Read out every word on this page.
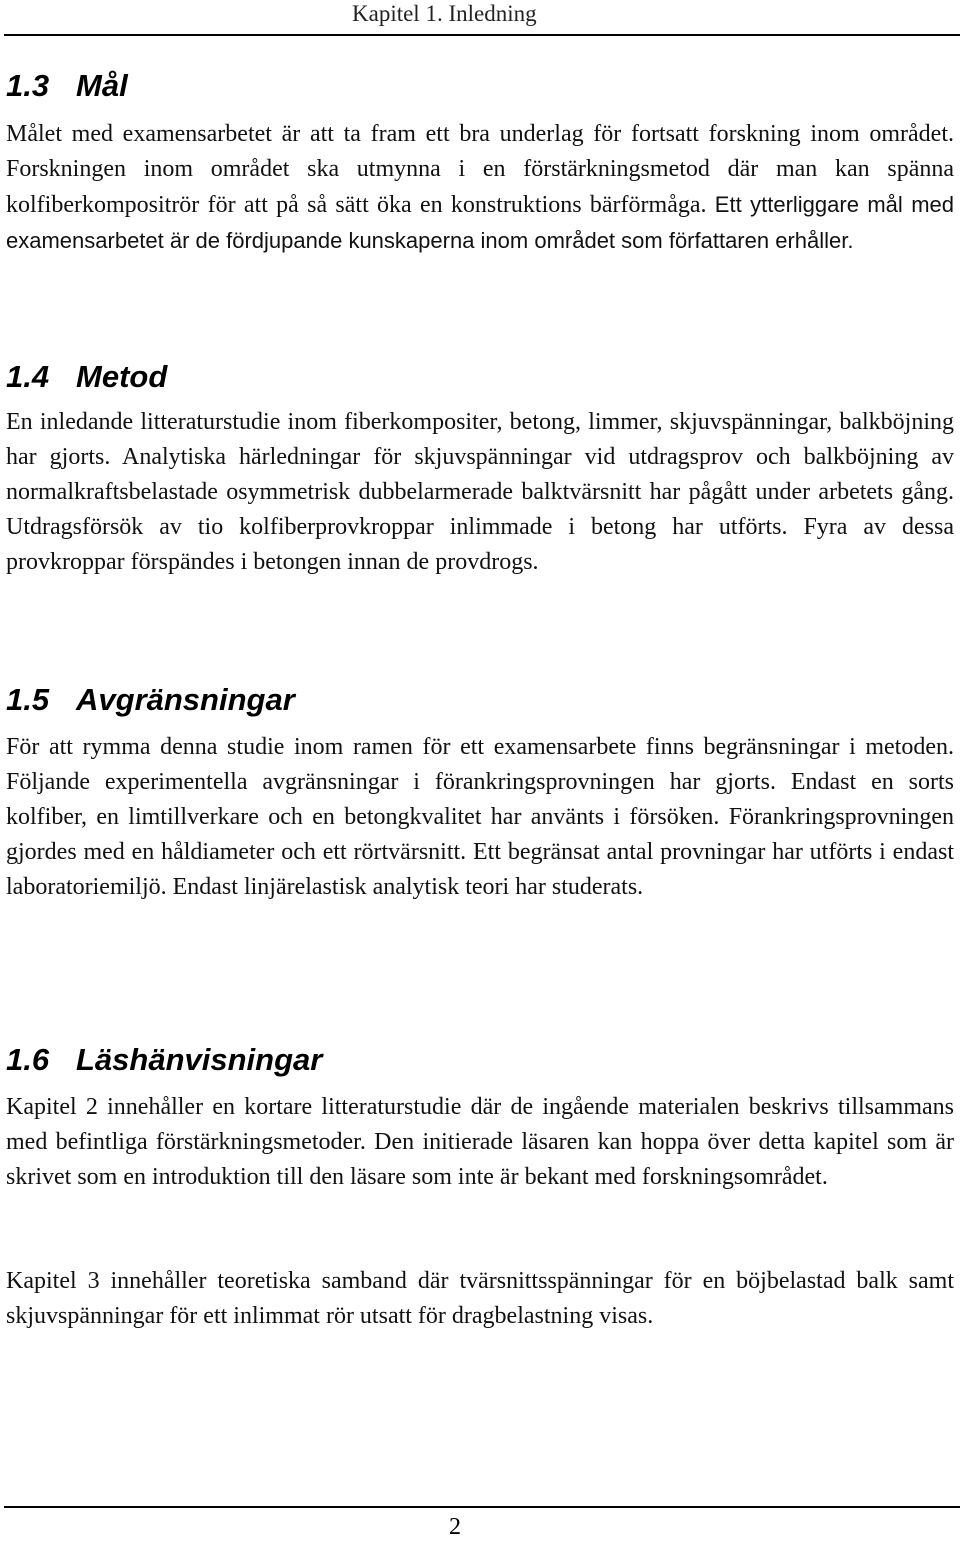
Kapitel 1. Inledning
1.3 Mål

Målet med examensarbetet är att ta fram ett bra underlag för fortsatt forskning inom området. Forskningen inom området ska utmynna i en förstärkningsmetod där man kan spänna kolfiberkompositrör för att på så sätt öka en konstruktions bärförmåga. Ett ytterliggare mål med examensarbetet är de fördjupande kunskaperna inom området som författaren erhåller.

1.4 Metod

En inledande litteraturstudie inom fiberkompositer, betong, limmer, skjuvspänningar, balkböjning har gjorts. Analytiska härledningar för skjuvspänningar vid utdragsprov och balkböjning av normalkraftsbelastade osymmetrisk dubbelarmerade balktvärsnitt har pågått under arbetets gång. Utdragsförsök av tio kolfiberprovkroppar inlimmade i betong har utförts. Fyra av dessa provkroppar förspändes i betongen innan de provdrogs.

1.5 Avgränsningar

För att rymma denna studie inom ramen för ett examensarbete finns begränsningar i metoden. Följande experimentella avgränsningar i förankringsprovningen har gjorts. Endast en sorts kolfiber, en limtillverkare och en betongkvalitet har använts i försöken. Förankringsprovningen gjordes med en håldiameter och ett rörtvärsnitt. Ett begränsat antal provningar har utförts i endast laboratoriemiljö. Endast linjärelastisk analytisk teori har studerats.

1.6 Läshänvisningar

Kapitel 2 innehåller en kortare litteraturstudie där de ingående materialen beskrivs tillsammans med befintliga förstärkningsmetoder. Den initierade läsaren kan hoppa över detta kapitel som är skrivet som en introduktion till den läsare som inte är bekant med forskningsområdet.

Kapitel 3 innehåller teoretiska samband där tvärsnittsspänningar för en böjbelastad balk samt skjuvspänningar för ett inlimmat rör utsatt för dragbelastning visas.

2
